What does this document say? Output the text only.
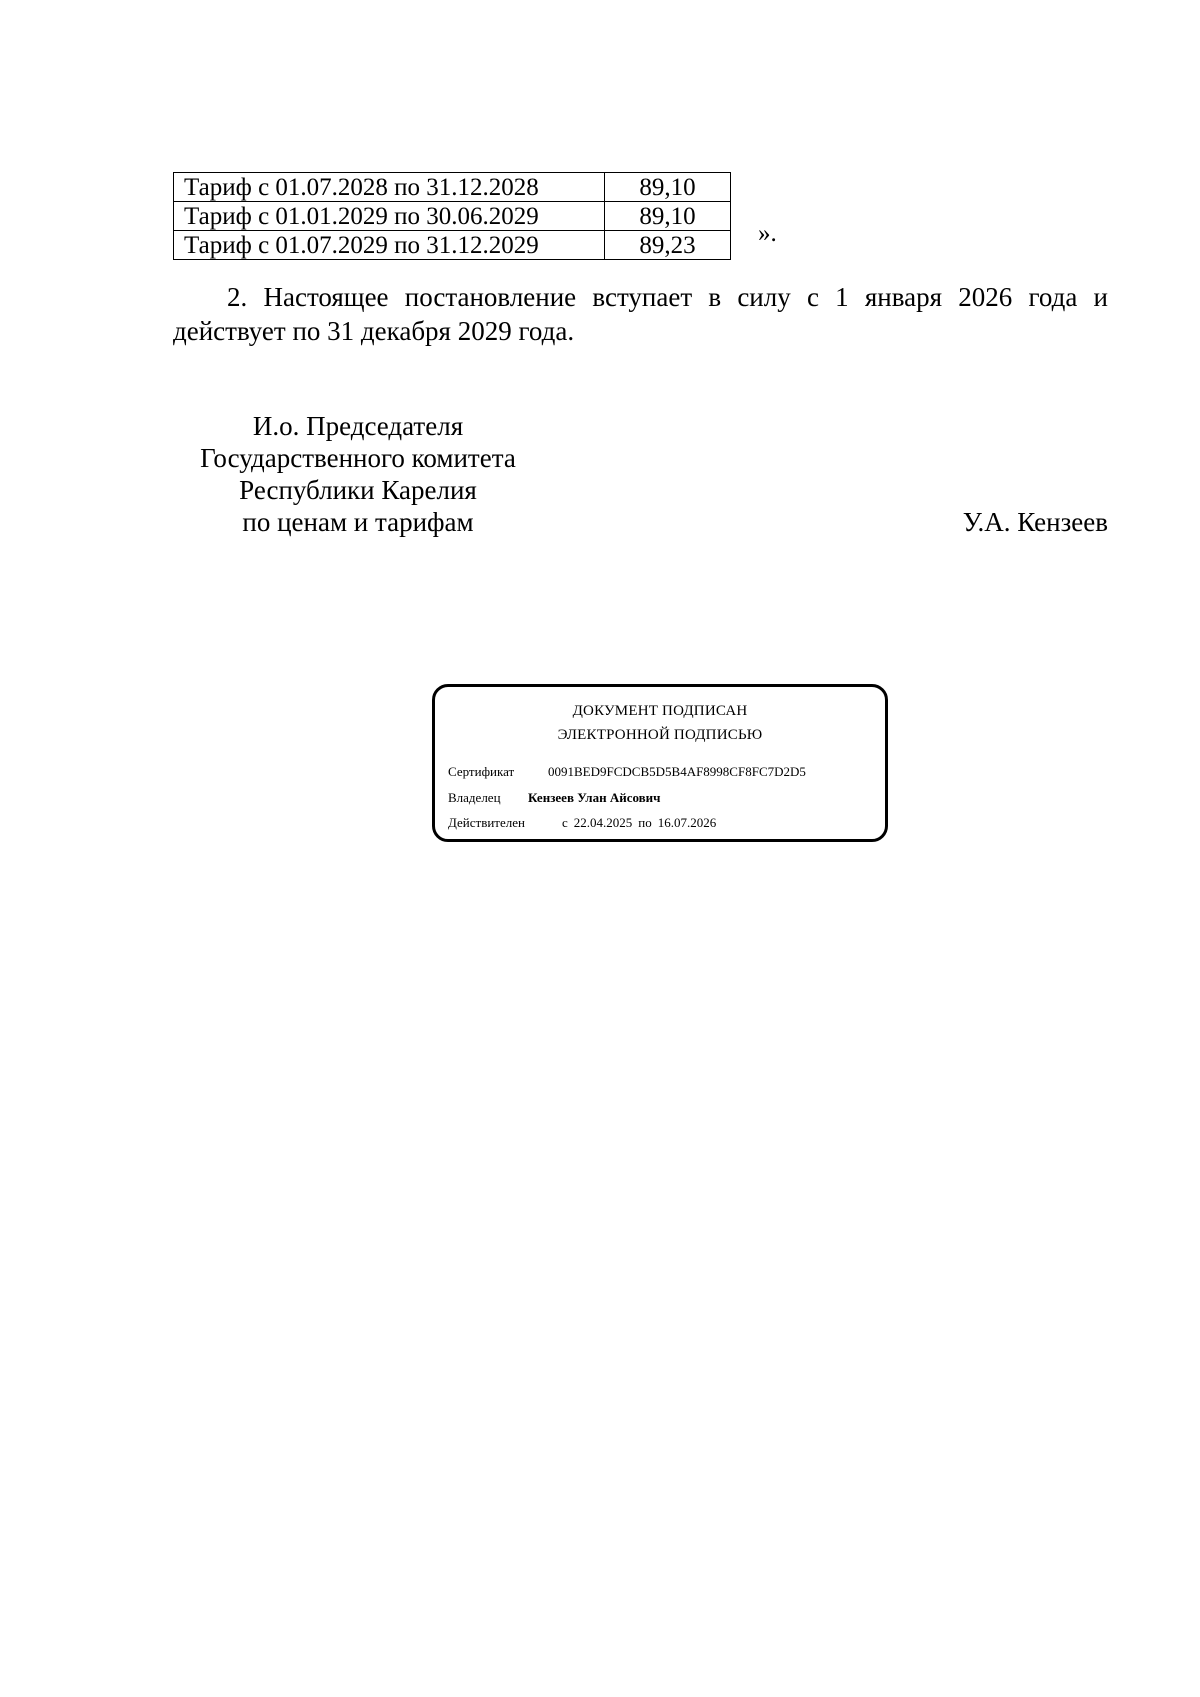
Тариф с 01.07.2028 по 31.12.2028	89,10
Тариф с 01.01.2029 по 30.06.2029	89,10
Тариф с 01.07.2029 по 31.12.2029	89,23 ».

2. Настоящее постановление вступает в силу с 1 января 2026 года и действует по 31 декабря 2029 года.

И.о. Председателя
Государственного комитета
Республики Карелия
по ценам и тарифам	У.А. Кензеев
ДОКУМЕНТ ПОДПИСАН
ЭЛЕКТРОННОЙ ПОДПИСЬЮ
Сертификат	0091BED9FCDCB5D5B4AF8998CF8FC7D2D5
Владелец Кензеев Улан Айсович
Действителен	с 22.04.2025 по 16.07.2026
